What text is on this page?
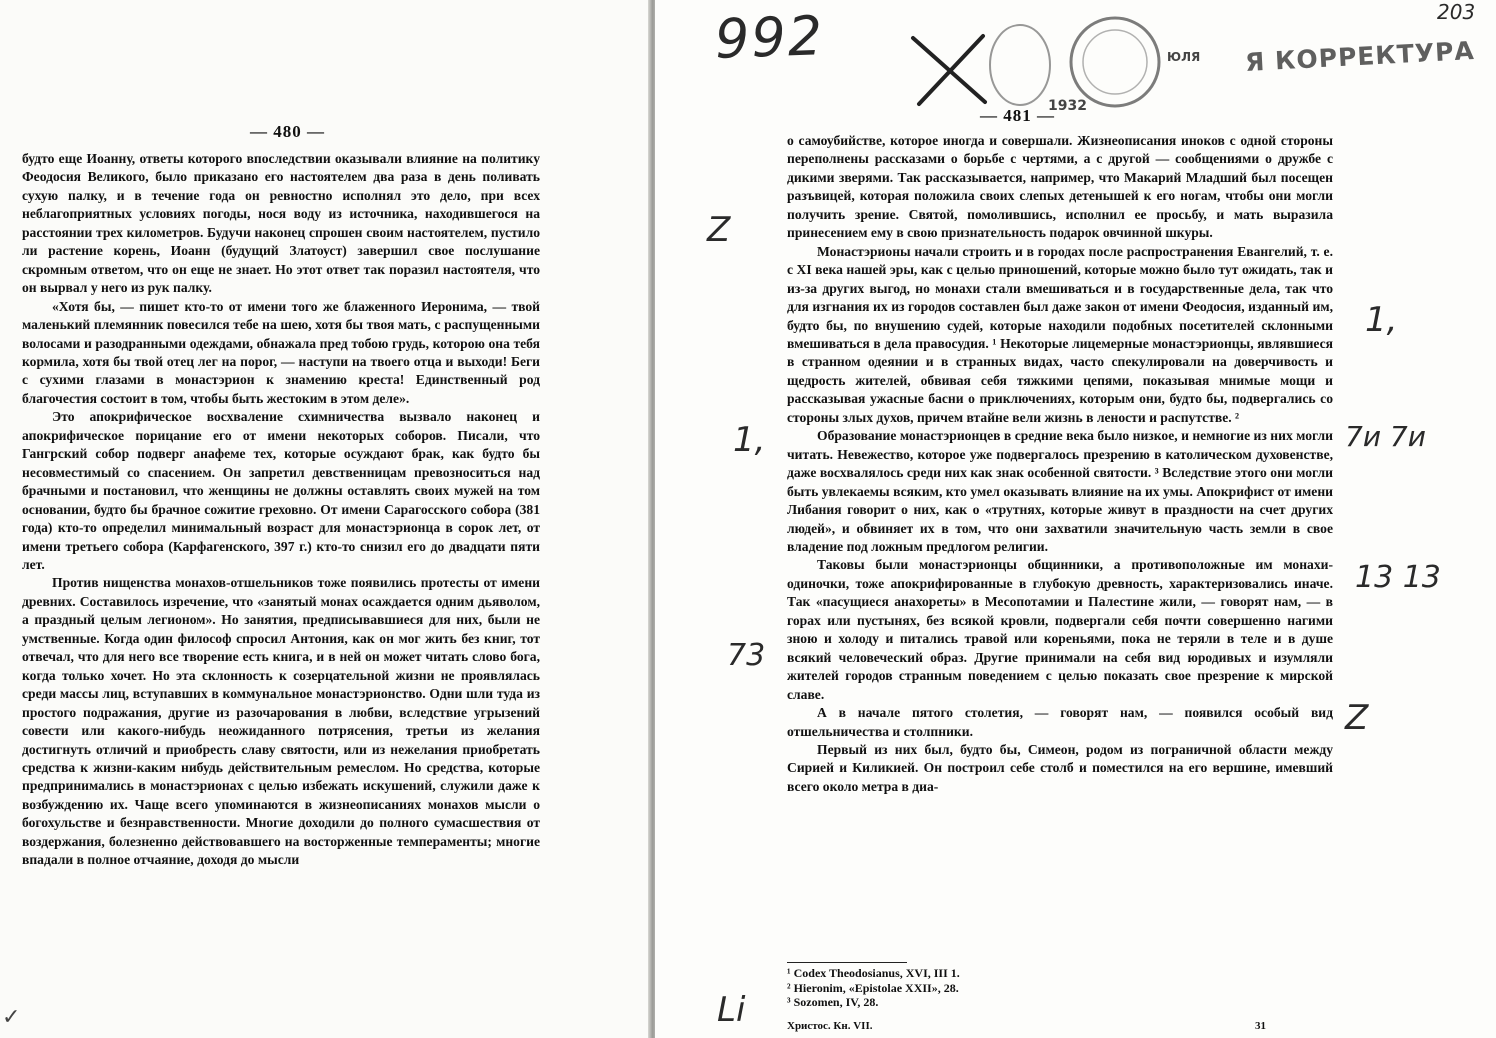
— 480 —

будто еще Иоанну, ответы которого впоследствии оказывали влияние на политику Феодосия Великого, было приказано его настоятелем два раза в день поливать сухую палку, и в течение года он ревностно исполнял это дело, при всех неблагоприятных условиях погоды, нося воду из источника, находившегося на расстоянии трех километров. Будучи наконец спрошен своим настоятелем, пустило ли растение корень, Иоанн (будущий Златоуст) завершил свое послушание скромным ответом, что он еще не знает. Но этот ответ так поразил настоятеля, что он вырвал у него из рук палку.

«Хотя бы, — пишет кто-то от имени того же блаженного Иеронима, — твой маленький племянник повесился тебе на шею, хотя бы твоя мать, с распущенными волосами и разодранными одеждами, обнажала пред тобою грудь, которою она тебя кормила, хотя бы твой отец лег на порог, — наступи на твоего отца и выходи! Беги с сухими глазами в монастэрион к знамению креста! Единственный род благочестия состоит в том, чтобы быть жестоким в этом деле».

Это апокрифическое восхваление схимничества вызвало наконец и апокрифическое порицание его от имени некоторых соборов. Писали, что Гангрский собор подверг анафеме тех, которые осуждают брак, как будто бы несовместимый со спасением. Он запретил девственницам превозноситься над брачными и постановил, что женщины не должны оставлять своих мужей на том основании, будто бы брачное сожитие греховно. От имени Сарагосского собора (381 года) кто-то определил минимальный возраст для монастэрионца в сорок лет, от имени третьего собора (Карфагенского, 397 г.) кто-то снизил его до двадцати пяти лет.

Против нищенства монахов-отшельников тоже появились протесты от имени древних. Составилось изречение, что «занятый монах осаждается одним дьяволом, а праздный целым легионом». Но занятия, предписывавшиеся для них, были не умственные. Когда один философ спросил Антония, как он мог жить без книг, тот отвечал, что для него все творение есть книга, и в ней он может читать слово бога, когда только хочет. Но эта склонность к созерцательной жизни не проявлялась среди массы лиц, вступавших в коммунальное монастэрионство. Одни шли туда из простого подражания, другие из разочарования в любви, вследствие угрызений совести или какого-нибудь неожиданного потрясения, третьи из желания достигнуть отличий и приобресть славу святости, или из нежелания приобретать средства к жизни-каким нибудь действительным ремеслом. Но средства, которые предпринимались в монастэрионах с целью избежать искушений, служили даже к возбуждению их. Чаще всего упоминаются в жизнеописаниях монахов мысли о богохульстве и безнравственности. Многие доходили до полного сумасшествия от воздержания, болезненно действовавшего на восторженные темпераменты; многие впадали в полное отчаяние, доходя до мысли

— 481 —

о самоубийстве, которое иногда и совершали. Жизнеописания иноков с одной стороны переполнены рассказами о борьбе с чертями, а с другой — сообщениями о дружбе с дикими зверями. Так рассказывается, например, что Макарий Младший был посещен разъвицей, которая положила своих слепых детенышей к его ногам, чтобы они могли получить зрение. Святой, помолившись, исполнил ее просьбу, и мать выразила принесением ему в свою признательность подарок овчинной шкуры.

Монастэрионы начали строить и в городах после распространения Евангелий, т. е. с XI века нашей эры, как с целью приношений, которые можно было тут ожидать, так и из-за других выгод, но монахи стали вмешиваться и в государственные дела, так что для изгнания их из городов составлен был даже закон от имени Феодосия, изданный им, будто бы, по внушению судей, которые находили подобных посетителей склонными вмешиваться в дела правосудия. ¹ Некоторые лицемерные монастэрионцы, являвшиеся в странном одеянии и в странных видах, часто спекулировали на доверчивость и щедрость жителей, обвивая себя тяжкими цепями, показывая мнимые мощи и рассказывая ужасные басни о приключениях, которым они, будто бы, подвергались со стороны злых духов, причем втайне вели жизнь в лености и распутстве. ²

Образование монастэрионцев в средние века было низкое, и немногие из них могли читать. Невежество, которое уже подвергалось презрению в католическом духовенстве, даже восхвалялось среди них как знак особенной святости. ³ Вследствие этого они могли быть увлекаемы всяким, кто умел оказывать влияние на их умы. Апокрифист от имени Либания говорит о них, как о «трутнях, которые живут в праздности на счет других людей», и обвиняет их в том, что они захватили значительную часть земли в свое владение под ложным предлогом религии.

Таковы были монастэрионцы общинники, а противоположные им монахи-одиночки, тоже апокрифированные в глубокую древность, характеризовались иначе. Так «пасущиеся анахореты» в Месопотамии и Палестине жили, — говорят нам, — в горах или пустынях, без всякой кровли, подвергали себя почти совершенно нагими зною и холоду и питались травой или кореньями, пока не теряли в теле и в душе всякий человеческий образ. Другие принимали на себя вид юродивых и изумляли жителей городов странным поведением с целью показать свое презрение к мирской славе.

А в начале пятого столетия, — говорят нам, — появился особый вид отшельничества и столпники.

Первый из них был, будто бы, Симеон, родом из пограничной области между Сирией и Киликией. Он построил себе столб и поместился на его вершине, имевший всего около метра в диа-

¹ Codex Theodosianus, XVI, III 1.
² Hieronim, «Epistolae XXII», 28.
³ Sozomen, IV, 28.
Христос. Кн. VII.	31
992
1932
ЮЛЯ Я КОРРЕКТУРА
203
1,
7и 7и
13 13
Z
Z
1,
73
Li
✓
